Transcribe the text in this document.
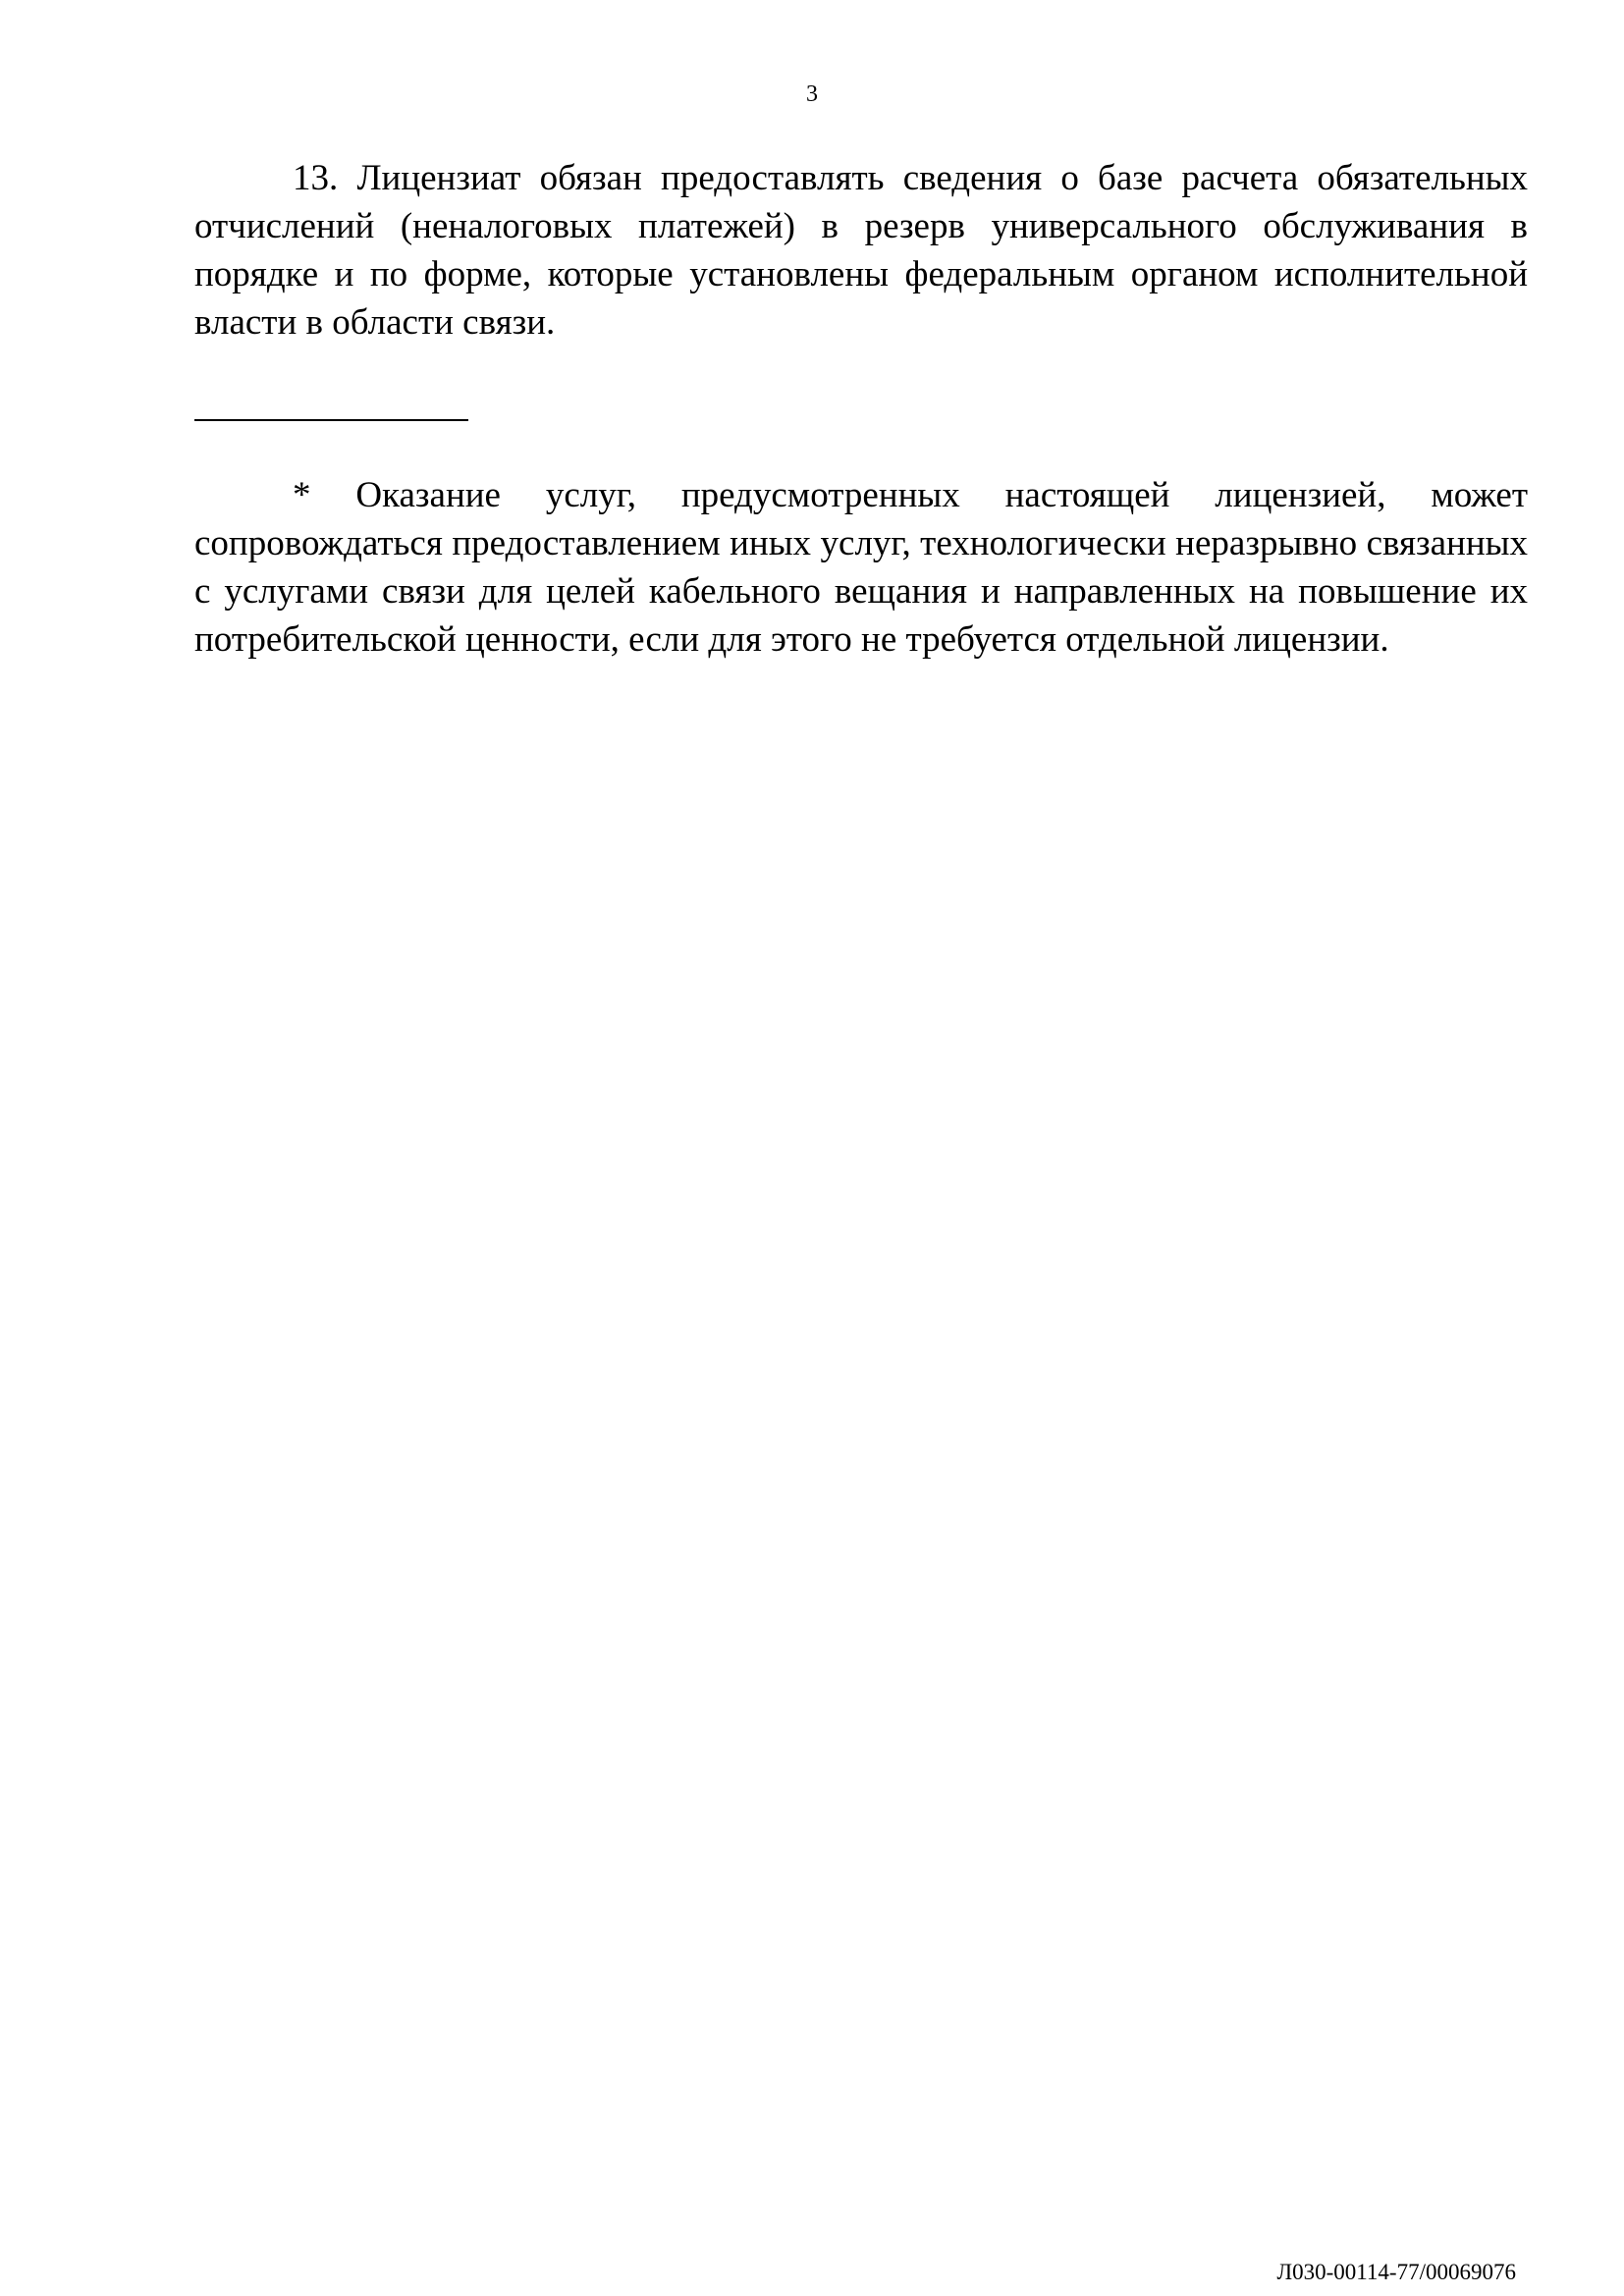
3

13. Лицензиат обязан предоставлять сведения о базе расчета обязательных отчислений (неналоговых платежей) в резерв универсального обслуживания в порядке и по форме, которые установлены федеральным органом исполнительной власти в области связи.

* Оказание услуг, предусмотренных настоящей лицензией, может сопровождаться предоставлением иных услуг, технологически неразрывно связанных с услугами связи для целей кабельного вещания и направленных на повышение их потребительской ценности, если для этого не требуется отдельной лицензии.

Л030-00114-77/00069076
